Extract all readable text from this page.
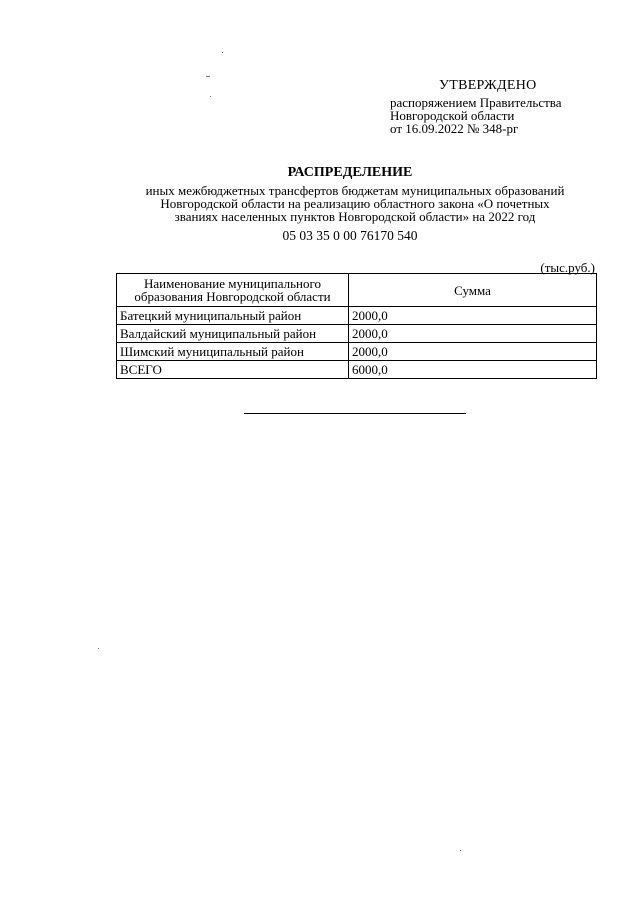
УТВЕРЖДЕНО
распоряжением Правительства
Новгородской области
от 16.09.2022 № 348-рг
РАСПРЕДЕЛЕНИЕ
иных межбюджетных трансфертов бюджетам муниципальных образований
Новгородской области на реализацию областного закона «О почетных
званиях населенных пунктов Новгородской области» на 2022 год
05 03 35 0 00 76170 540
(тыс.руб.)
Наименование муниципального
образования Новгородской области	Сумма
Батецкий муниципальный район	2000,0
Валдайский муниципальный район	2000,0
Шимский муниципальный район	2000,0
ВСЕГО	6000,0
